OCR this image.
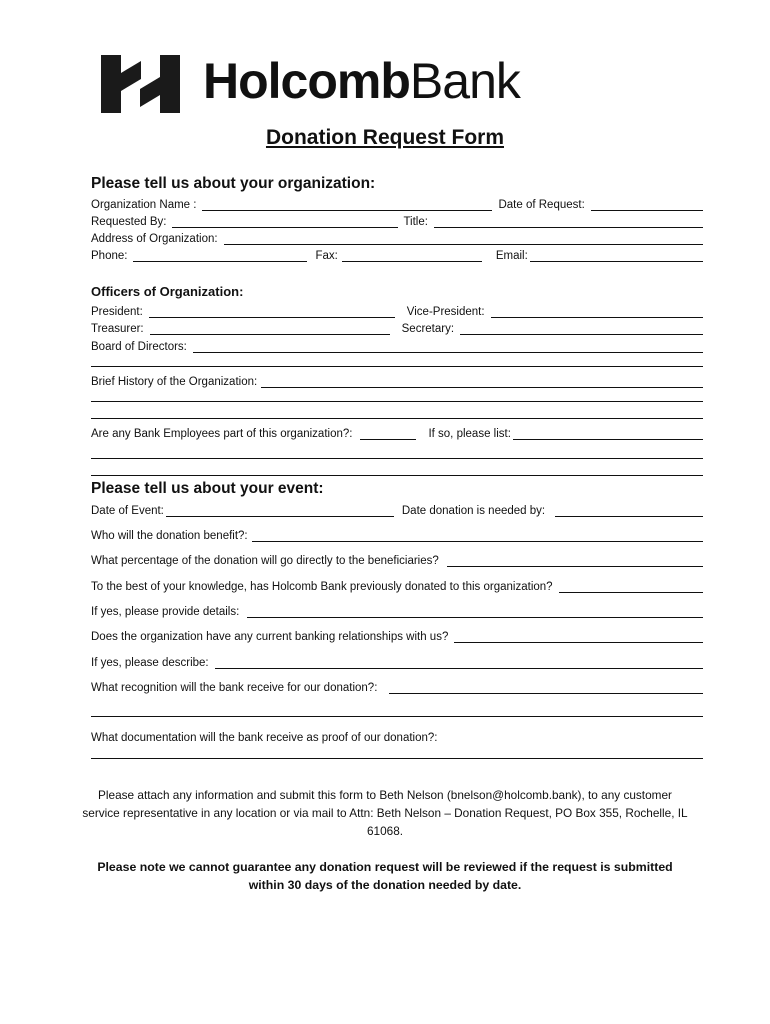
HolcombBank
Donation Request Form
Please tell us about your organization:
Organization Name :	Date of Request:
Requested By:	Title:
Address of Organization:
Phone:	Fax:	Email:
Officers of Organization:
President:	Vice-President:
Treasurer:	Secretary:
Board of Directors:
Brief History of the Organization:
Are any Bank Employees part of this organization?:	If so, please list:
Please tell us about your event:
Date of Event:	Date donation is needed by:
Who will the donation benefit?:
What percentage of the donation will go directly to the beneficiaries?
To the best of your knowledge, has Holcomb Bank previously donated to this organization?
If yes, please provide details:
Does the organization have any current banking relationships with us?
If yes, please describe:
What recognition will the bank receive for our donation?:
What documentation will the bank receive as proof of our donation?:
Please attach any information and submit this form to Beth Nelson (bnelson@holcomb.bank), to any customer service representative in any location or via mail to Attn: Beth Nelson – Donation Request, PO Box 355, Rochelle, IL 61068.
Please note we cannot guarantee any donation request will be reviewed if the request is submitted within 30 days of the donation needed by date.
